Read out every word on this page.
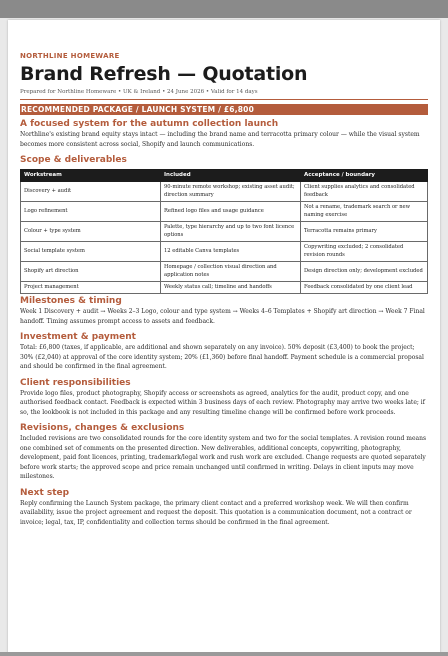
NORTHLINE HOMEWARE
Brand Refresh — Quotation
Prepared for Northline Homeware • UK & Ireland • 24 June 2026 • Valid for 14 days
RECOMMENDED PACKAGE / LAUNCH SYSTEM / £6,800
A focused system for the autumn collection launch

Northline's existing brand equity stays intact — including the brand name and terracotta primary colour — while the visual system becomes more consistent across social, Shopify and launch communications.

Scope & deliverables
Workstream	Included	Acceptance / boundary
Discovery + audit	90-minute remote workshop; existing asset audit; direction summary	Client supplies analytics and consolidated feedback
Logo refinement	Refined logo files and usage guidance	Not a rename, trademark search or new naming exercise
Colour + type system	Palette, type hierarchy and up to two font licence options	Terracotta remains primary
Social template system	12 editable Canva templates	Copywriting excluded; 2 consolidated revision rounds
Shopify art direction	Homepage / collection visual direction and application notes	Design direction only; development excluded
Project management	Weekly status call; timeline and handoffs	Feedback consolidated by one client lead
Milestones & timing

Week 1 Discovery + audit → Weeks 2–3 Logo, colour and type system → Weeks 4–6 Templates + Shopify art direction → Week 7 Final handoff. Timing assumes prompt access to assets and feedback.

Investment & payment

Total: £6,800 (taxes, if applicable, are additional and shown separately on any invoice). 50% deposit (£3,400) to book the project; 30% (£2,040) at approval of the core identity system; 20% (£1,360) before final handoff. Payment schedule is a commercial proposal and should be confirmed in the final agreement.

Client responsibilities

Provide logo files, product photography, Shopify access or screenshots as agreed, analytics for the audit, product copy, and one authorised feedback contact. Feedback is expected within 3 business days of each review. Photography may arrive two weeks late; if so, the lookbook is not included in this package and any resulting timeline change will be confirmed before work proceeds.

Revisions, changes & exclusions

Included revisions are two consolidated rounds for the core identity system and two for the social templates. A revision round means one combined set of comments on the presented direction. New deliverables, additional concepts, copywriting, photography, development, paid font licences, printing, trademark/legal work and rush work are excluded. Change requests are quoted separately before work starts; the approved scope and price remain unchanged until confirmed in writing. Delays in client inputs may move milestones.

Next step

Reply confirming the Launch System package, the primary client contact and a preferred workshop week. We will then confirm availability, issue the project agreement and request the deposit. This quotation is a communication document, not a contract or invoice; legal, tax, IP, confidentiality and collection terms should be confirmed in the final agreement.
